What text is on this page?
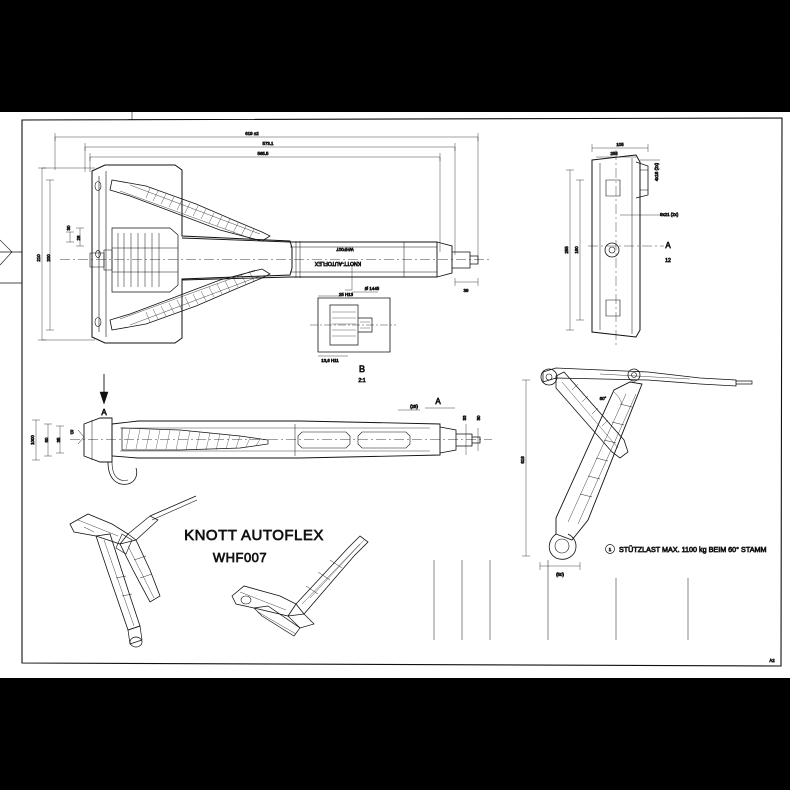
619 ±2
573.1
565.5
210 200
39
30
26
KNOTT-AUTOFLEX
WHF007
Ø 1445
25 H13
13,6 H11
B
2:1
105
255
255 160
4x18 (2x)
9x21 (2x)
A
12
A
1000 60 35
33 30
(25)
A
B
618
(50)
60°
1 STÜTZLAST MAX. 1100 kg BEIM 60° STAMM
KNOTT AUTOFLEX
WHF007
A2
